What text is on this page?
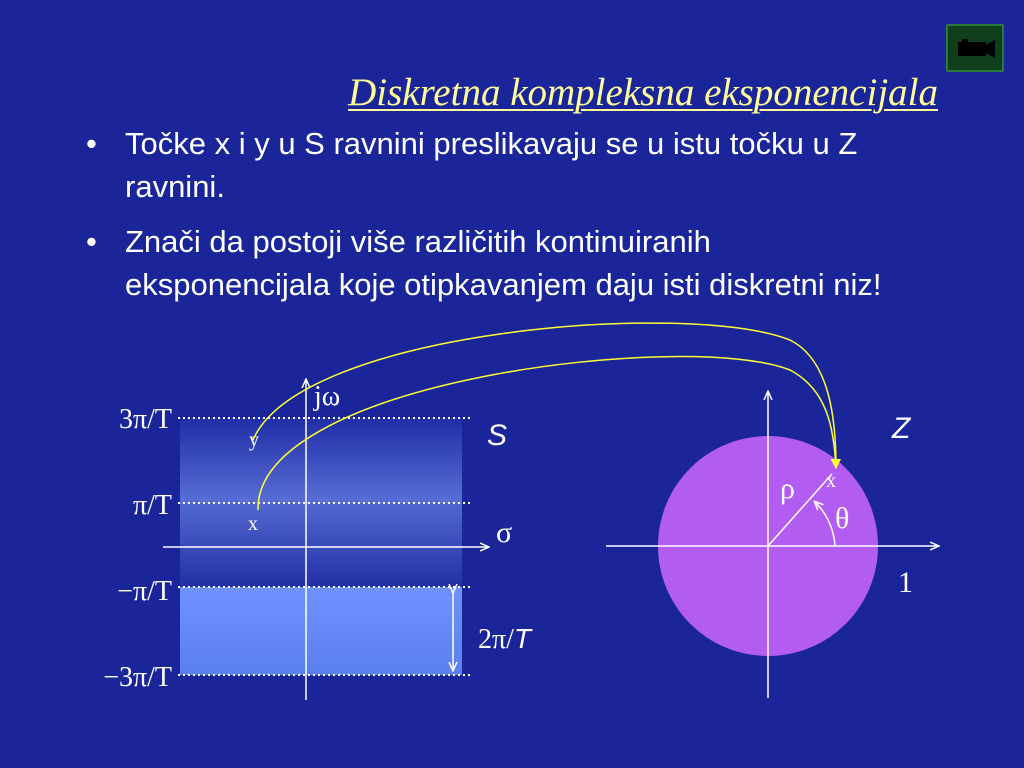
Diskretna kompleksna eksponencijala
• Točke x i y u S ravnini preslikavaju se u istu točku u Z ravnini.
• Znači da postoji više različitih kontinuiranih eksponencijala koje otipkavanjem daju isti diskretni niz!
3π/T
π/T
−π/T
−3π/T
jω
σ
S
y
x
2π/T
ρ
θ
x
Z
1
